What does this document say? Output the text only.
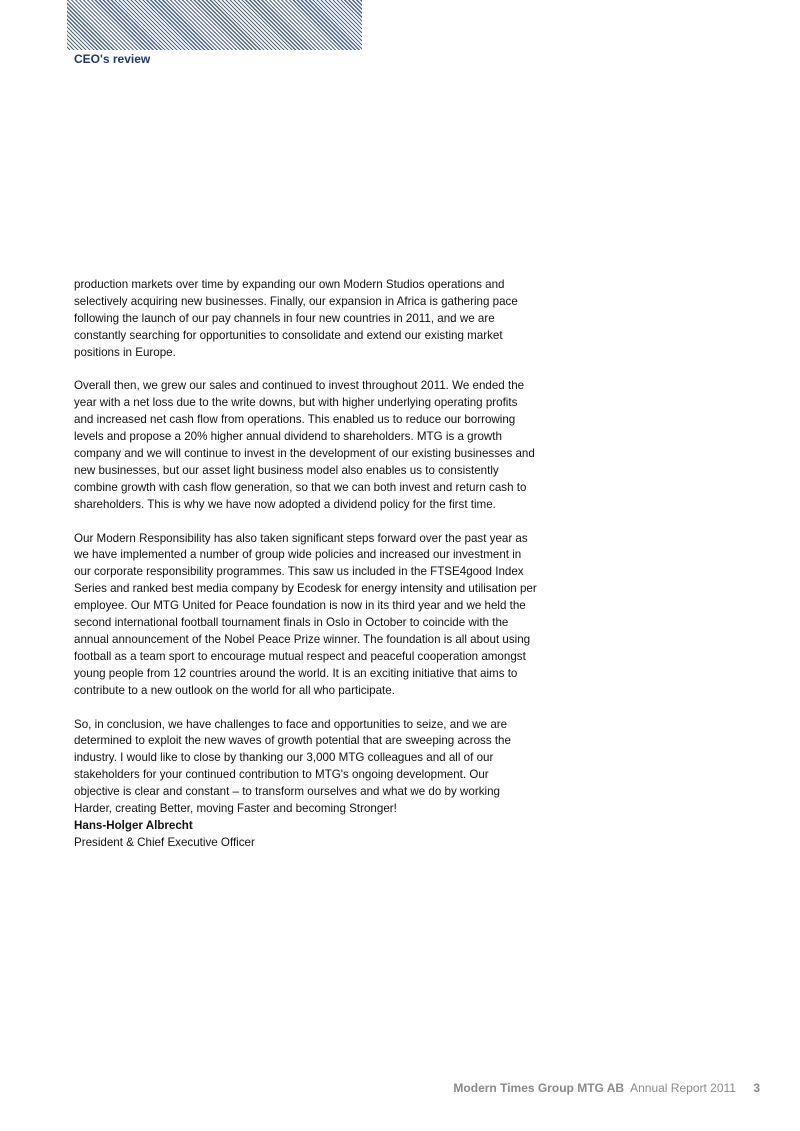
CEO's review

production markets over time by expanding our own Modern Studios operations and
selectively acquiring new businesses. Finally, our expansion in Africa is gathering pace
following the launch of our pay channels in four new countries in 2011, and we are
constantly searching for opportunities to consolidate and extend our existing market
positions in Europe.

Overall then, we grew our sales and continued to invest throughout 2011. We ended the
year with a net loss due to the write downs, but with higher underlying operating profits
and increased net cash flow from operations. This enabled us to reduce our borrowing
levels and propose a 20% higher annual dividend to shareholders. MTG is a growth
company and we will continue to invest in the development of our existing businesses and
new businesses, but our asset light business model also enables us to consistently
combine growth with cash flow generation, so that we can both invest and return cash to
shareholders. This is why we have now adopted a dividend policy for the first time.

Our Modern Responsibility has also taken significant steps forward over the past year as
we have implemented a number of group wide policies and increased our investment in
our corporate responsibility programmes. This saw us included in the FTSE4good Index
Series and ranked best media company by Ecodesk for energy intensity and utilisation per
employee. Our MTG United for Peace foundation is now in its third year and we held the
second international football tournament finals in Oslo in October to coincide with the
annual announcement of the Nobel Peace Prize winner. The foundation is all about using
football as a team sport to encourage mutual respect and peaceful cooperation amongst
young people from 12 countries around the world. It is an exciting initiative that aims to
contribute to a new outlook on the world for all who participate.

So, in conclusion, we have challenges to face and opportunities to seize, and we are
determined to exploit the new waves of growth potential that are sweeping across the
industry. I would like to close by thanking our 3,000 MTG colleagues and all of our
stakeholders for your continued contribution to MTG's ongoing development. Our
objective is clear and constant – to transform ourselves and what we do by working
Harder, creating Better, moving Faster and becoming Stronger!

Hans-Holger Albrecht
President & Chief Executive Officer
Modern Times Group MTG AB Annual Report 2011 3
